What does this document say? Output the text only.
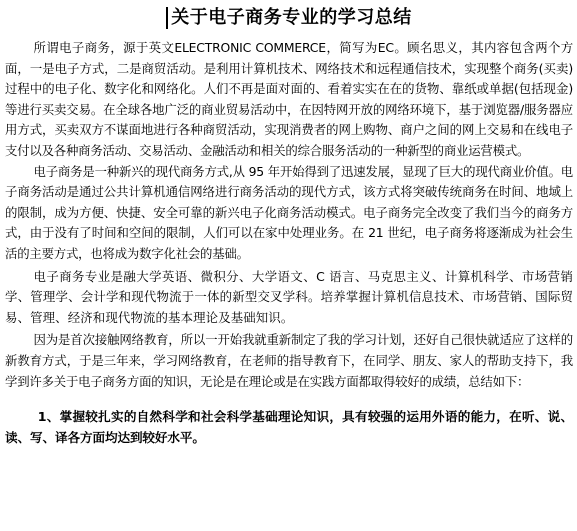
关于电子商务专业的学习总结

所谓电子商务，源于英文ELECTRONIC COMMERCE，简写为EC。顾名思义，其内容包含两个方面，一是电子方式，二是商贸活动。是利用计算机技术、网络技术和远程通信技术，实现整个商务(买卖)过程中的电子化、数字化和网络化。人们不再是面对面的、看着实实在在的货物、靠纸或单据(包括现金)等进行买卖交易。在全球各地广泛的商业贸易活动中，在因特网开放的网络环境下，基于浏览器/服务器应用方式，买卖双方不谋面地进行各种商贸活动，实现消费者的网上购物、商户之间的网上交易和在线电子支付以及各种商务活动、交易活动、金融活动和相关的综合服务活动的一种新型的商业运营模式。

电子商务是一种新兴的现代商务方式,从 95 年开始得到了迅速发展，显现了巨大的现代商业价值。电子商务活动是通过公共计算机通信网络进行商务活动的现代方式，该方式将突破传统商务在时间、地域上的限制，成为方便、快捷、安全可靠的新兴电子化商务活动模式。电子商务完全改变了我们当今的商务方式，由于没有了时间和空间的限制，人们可以在家中处理业务。在 21 世纪，电子商务将逐渐成为社会生活的主要方式，也将成为数字化社会的基础。

电子商务专业是融大学英语、微积分、大学语文、C 语言、马克思主义、计算机科学、市场营销学、管理学、会计学和现代物流于一体的新型交叉学科。培养掌握计算机信息技术、市场营销、国际贸易、管理、经济和现代物流的基本理论及基础知识。

因为是首次接触网络教育，所以一开始我就重新制定了我的学习计划，还好自己很快就适应了这样的新教育方式，于是三年来，学习网络教育，在老师的指导教育下，在同学、朋友、家人的帮助支持下，我学到许多关于电子商务方面的知识，无论是在理论或是在实践方面都取得较好的成绩，总结如下：

1、掌握较扎实的自然科学和社会科学基础理论知识，具有较强的运用外语的能力，在听、说、读、写、译各方面均达到较好水平。
